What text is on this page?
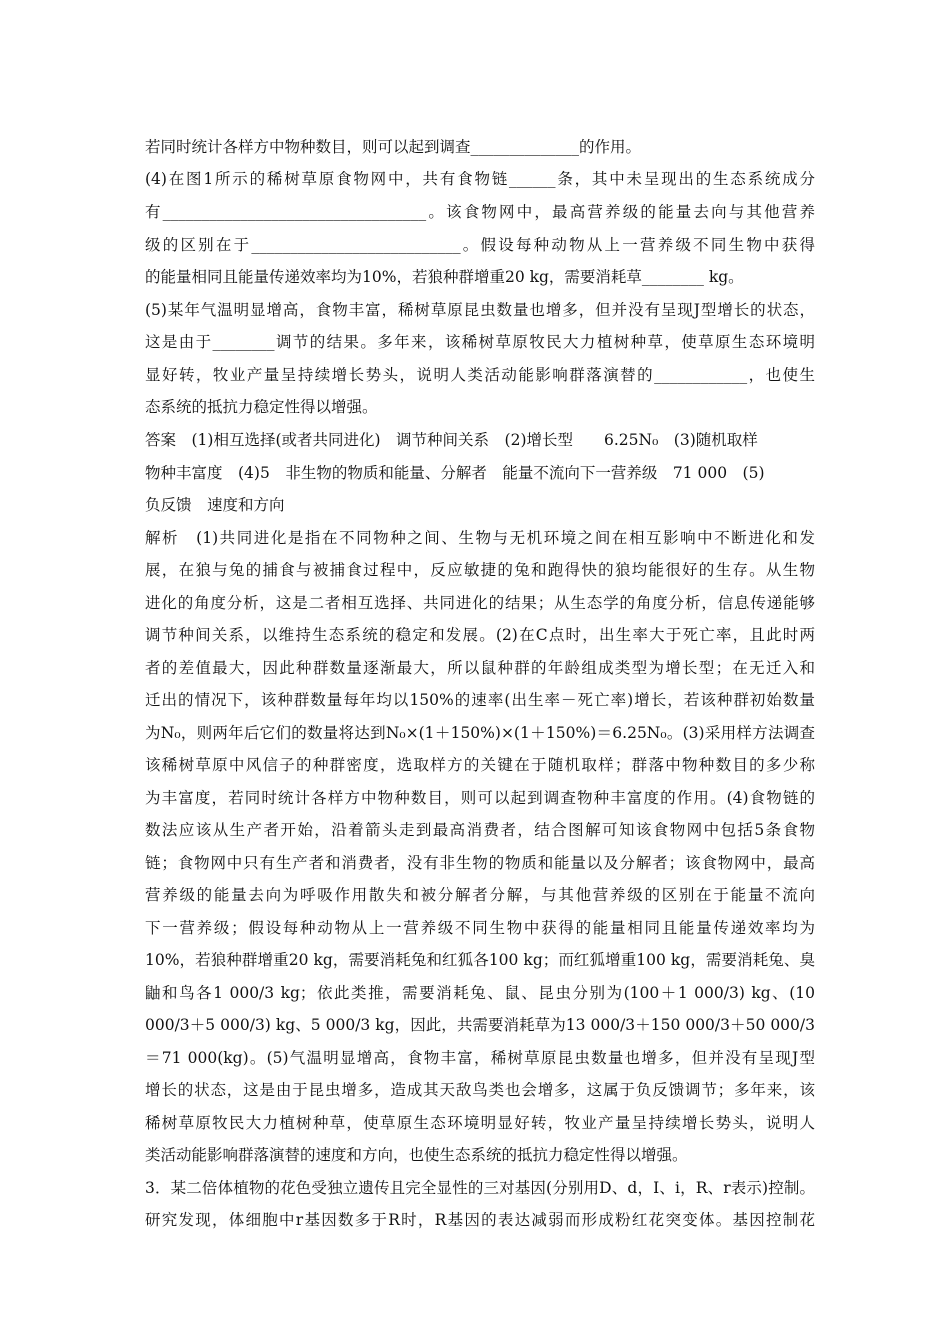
若同时统计各样方中物种数目，则可以起到调查______________的作用。
(4)在图1所示的稀树草原食物网中，共有食物链______条，其中未呈现出的生态系统成分
有__________________________________。该食物网中，最高营养级的能量去向与其他营养
级的区别在于___________________________。假设每种动物从上一营养级不同生物中获得
的能量相同且能量传递效率均为10%，若狼种群增重20 kg，需要消耗草________ kg。
(5)某年气温明显增高，食物丰富，稀树草原昆虫数量也增多，但并没有呈现J型增长的状态，
这是由于________调节的结果。多年来，该稀树草原牧民大力植树种草，使草原生态环境明
显好转，牧业产量呈持续增长势头，说明人类活动能影响群落演替的____________，也使生
态系统的抵抗力稳定性得以增强。
答案　(1)相互选择(或者共同进化)　调节种间关系　(2)增长型　　6.25N₀　(3)随机取样
物种丰富度　(4)5　非生物的物质和能量、分解者　能量不流向下一营养级　71 000　(5)
负反馈　速度和方向
解析　(1)共同进化是指在不同物种之间、生物与无机环境之间在相互影响中不断进化和发
展，在狼与兔的捕食与被捕食过程中，反应敏捷的兔和跑得快的狼均能很好的生存。从生物
进化的角度分析，这是二者相互选择、共同进化的结果；从生态学的角度分析，信息传递能够
调节种间关系，以维持生态系统的稳定和发展。(2)在C点时，出生率大于死亡率，且此时两
者的差值最大，因此种群数量逐渐最大，所以鼠种群的年龄组成类型为增长型；在无迁入和
迁出的情况下，该种群数量每年均以150%的速率(出生率－死亡率)增长，若该种群初始数量
为N₀，则两年后它们的数量将达到N₀×(1＋150%)×(1＋150%)＝6.25N₀。(3)采用样方法调查
该稀树草原中风信子的种群密度，选取样方的关键在于随机取样；群落中物种数目的多少称
为丰富度，若同时统计各样方中物种数目，则可以起到调查物种丰富度的作用。(4)食物链的
数法应该从生产者开始，沿着箭头走到最高消费者，结合图解可知该食物网中包括5条食物
链；食物网中只有生产者和消费者，没有非生物的物质和能量以及分解者；该食物网中，最高
营养级的能量去向为呼吸作用散失和被分解者分解，与其他营养级的区别在于能量不流向
下一营养级；假设每种动物从上一营养级不同生物中获得的能量相同且能量传递效率均为
10%，若狼种群增重20 kg，需要消耗兔和红狐各100 kg；而红狐增重100 kg，需要消耗兔、臭
鼬和鸟各1 000/3 kg；依此类推，需要消耗兔、鼠、昆虫分别为(100＋1 000/3) kg、(10
000/3＋5 000/3) kg、5 000/3 kg，因此，共需要消耗草为13 000/3＋150 000/3＋50 000/3
＝71 000(kg)。(5)气温明显增高，食物丰富，稀树草原昆虫数量也增多，但并没有呈现J型
增长的状态，这是由于昆虫增多，造成其天敌鸟类也会增多，这属于负反馈调节；多年来，该
稀树草原牧民大力植树种草，使草原生态环境明显好转，牧业产量呈持续增长势头，说明人
类活动能影响群落演替的速度和方向，也使生态系统的抵抗力稳定性得以增强。
3．某二倍体植物的花色受独立遗传且完全显性的三对基因(分别用D、d，I、i，R、r表示)控制。
研究发现，体细胞中r基因数多于R时，R基因的表达减弱而形成粉红花突变体。基因控制花
